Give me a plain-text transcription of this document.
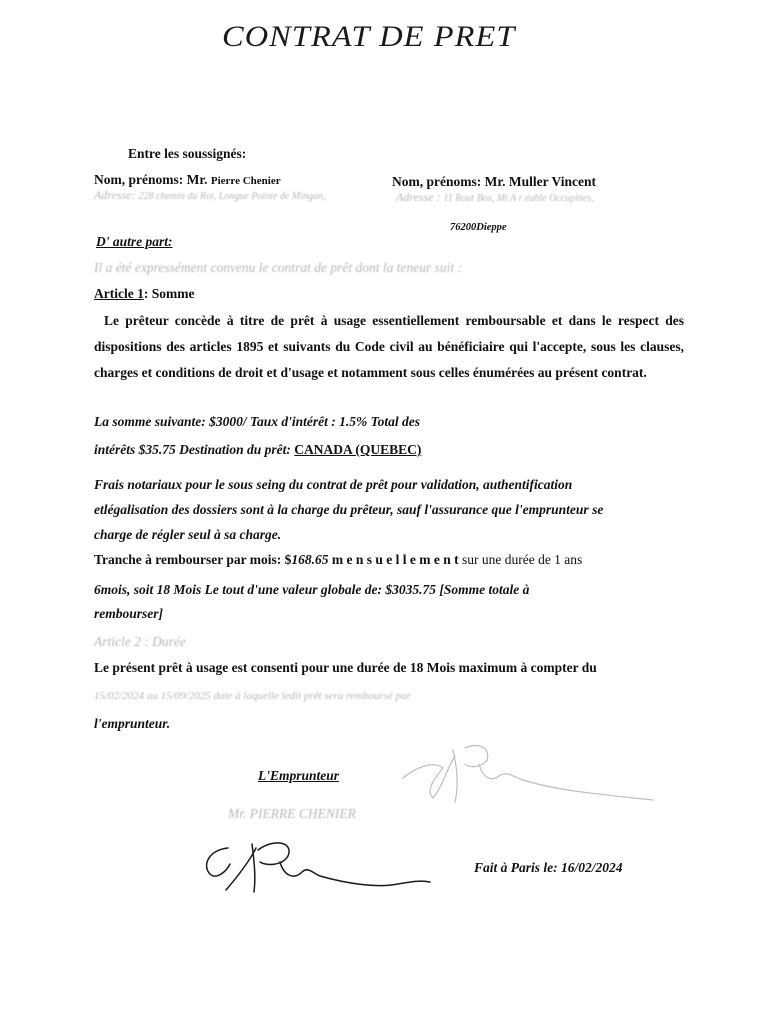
CONTRAT DE PRET
Entre les soussignés:
Nom, prénoms: Mr. Pierre Chenier
Adresse: 228 chemin du Roi, Longue Pointe de Mingan,
Nom, prénoms: Mr. Muller Vincent
Adresse : 11 Rout Bos, Mt A r éable Occupines,
76200Dieppe
D' autre part:
Il a été expressément convenu le contrat de prêt dont la teneur suit :
Article 1: Somme
Le prêteur concède à titre de prêt à usage essentiellement remboursable et dans le respect des dispositions des articles 1895 et suivants du Code civil au bénéficiaire qui l'accepte, sous les clauses, charges et conditions de droit et d'usage et notamment sous celles énumérées au présent contrat.
La somme suivante: $3000/ Taux d'intérêt : 1.5% Total des
intérêts $35.75 Destination du prêt: CANADA (QUEBEC)
Frais notariaux pour le sous seing du contrat de prêt pour validation, authentification etlégalisation des dossiers sont à la charge du prêteur, sauf l'assurance que l'emprunteur se charge de régler seul à sa charge.
Tranche à rembourser par mois: $168.65 m e n s u e l l e m e n t sur une durée de 1 ans
6mois, soit 18 Mois Le tout d'une valeur globale de: $3035.75 [Somme totale à
rembourser]
Article 2 : Durée
Le présent prêt à usage est consenti pour une durée de 18 Mois maximum à compter du
15/02/2024 au 15/09/2025 date à laquelle ledit prêt sera remboursé par
l'emprunteur.
L'Emprunteur
Mr. PIERRE CHENIER
Fait à Paris le: 16/02/2024
